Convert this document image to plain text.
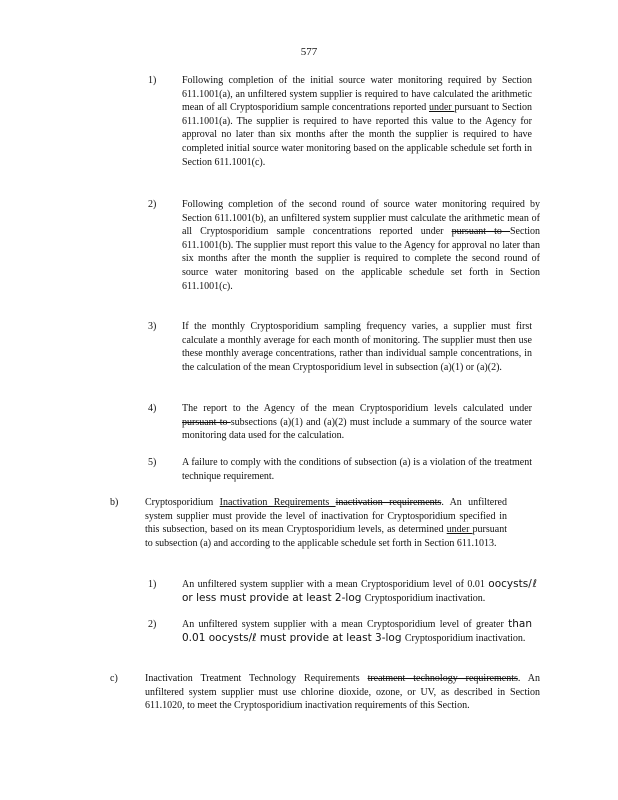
577
1)	Following completion of the initial source water monitoring required by Section 611.1001(a), an unfiltered system supplier is required to have calculated the arithmetic mean of all Cryptosporidium sample concentrations reported under pursuant to Section 611.1001(a). The supplier is required to have reported this value to the Agency for approval no later than six months after the month the supplier is required to have completed initial source water monitoring based on the applicable schedule set forth in Section 611.1001(c).
2)	Following completion of the second round of source water monitoring required by Section 611.1001(b), an unfiltered system supplier must calculate the arithmetic mean of all Cryptosporidium sample concentrations reported under pursuant to Section 611.1001(b). The supplier must report this value to the Agency for approval no later than six months after the month the supplier is required to complete the second round of source water monitoring based on the applicable schedule set forth in Section 611.1001(c).
3)	If the monthly Cryptosporidium sampling frequency varies, a supplier must first calculate a monthly average for each month of monitoring. The supplier must then use these monthly average concentrations, rather than individual sample concentrations, in the calculation of the mean Cryptosporidium level in subsection (a)(1) or (a)(2).
4)	The report to the Agency of the mean Cryptosporidium levels calculated under pursuant to subsections (a)(1) and (a)(2) must include a summary of the source water monitoring data used for the calculation.
5)	A failure to comply with the conditions of subsection (a) is a violation of the treatment technique requirement.
b)	Cryptosporidium Inactivation Requirements inactivation requirements. An unfiltered system supplier must provide the level of inactivation for Cryptosporidium specified in this subsection, based on its mean Cryptosporidium levels, as determined under pursuant to subsection (a) and according to the applicable schedule set forth in Section 611.1013.
1)	An unfiltered system supplier with a mean Cryptosporidium level of 0.01 oocysts/ℓ or less must provide at least 2-log Cryptosporidium inactivation.
2)	An unfiltered system supplier with a mean Cryptosporidium level of greater than 0.01 oocysts/ℓ must provide at least 3-log Cryptosporidium inactivation.
c)	Inactivation Treatment Technology Requirements treatment technology requirements. An unfiltered system supplier must use chlorine dioxide, ozone, or UV, as described in Section 611.1020, to meet the Cryptosporidium inactivation requirements of this Section.
